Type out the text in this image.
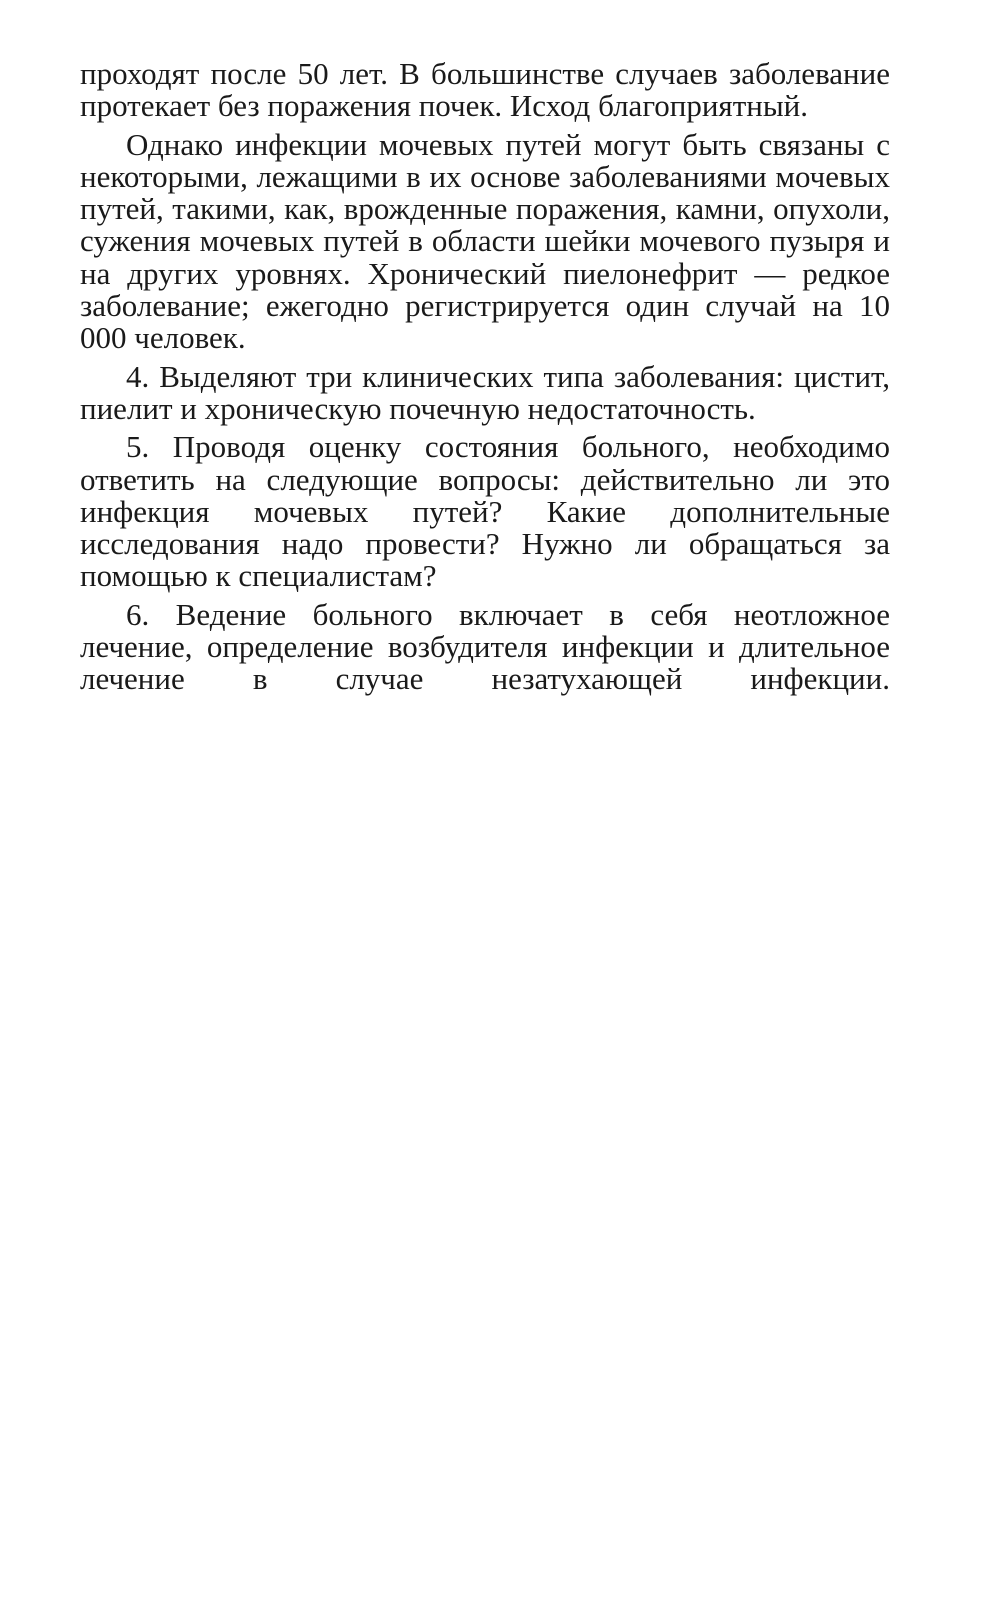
проходят после 50 лет. В большинстве случаев заболевание протекает без поражения почек. Исход благоприятный.

Однако инфекции мочевых путей могут быть связаны с некоторыми, лежащими в их основе заболеваниями мочевых путей, такими, как, врожденные поражения, камни, опухоли, сужения мочевых путей в области шейки мочевого пузыря и на других уровнях. Хронический пиелонефрит — редкое заболевание; ежегодно регистрируется один случай на 10 000 человек.

4. Выделяют три клинических типа заболевания: цистит, пиелит и хроническую почечную недостаточность.

5. Проводя оценку состояния больного, необходимо ответить на следующие вопросы: действительно ли это инфекция мочевых путей? Какие дополнительные исследования надо провести? Нужно ли обращаться за помощью к специалистам?

6. Ведение больного включает в себя неотложное лечение, определение возбудителя инфекции и длительное лечение в случае незатухающей инфекции.
